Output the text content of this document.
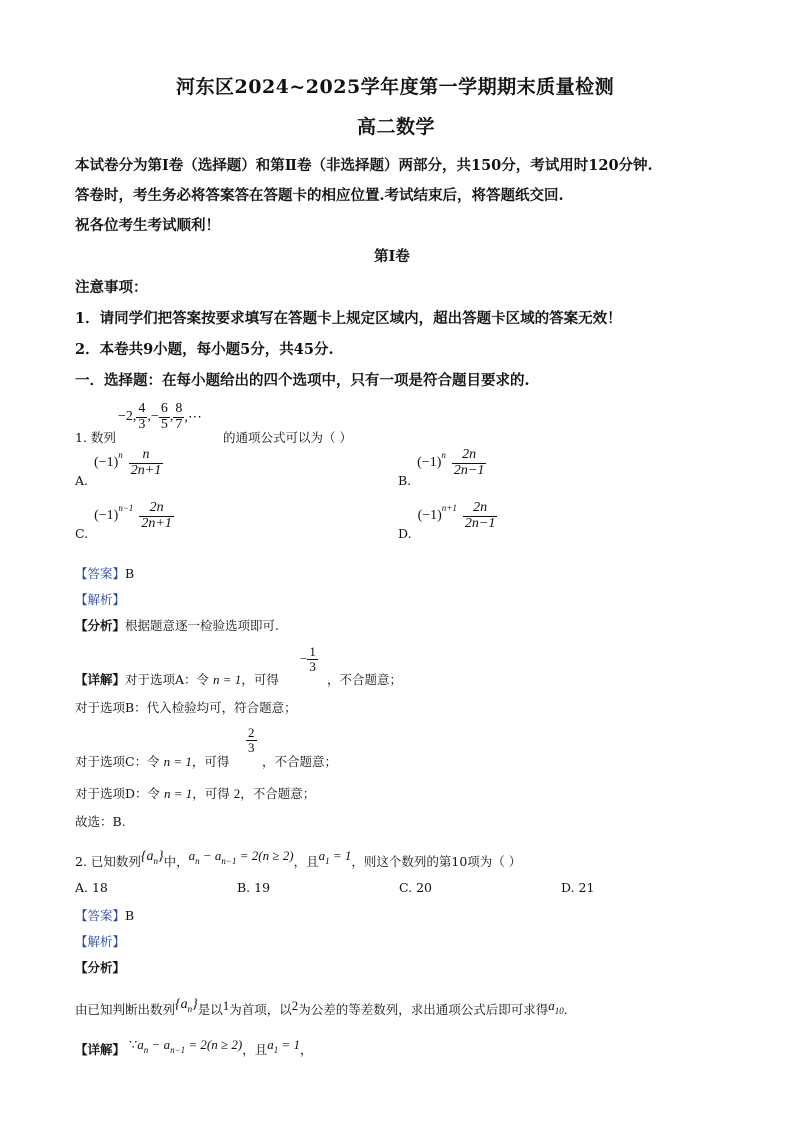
河东区2024~2025学年度第一学期期末质量检测
高二数学
本试卷分为第Ⅰ卷（选择题）和第Ⅱ卷（非选择题）两部分，共150分，考试用时120分钟.
答卷时，考生务必将答案答在答题卡的相应位置.考试结束后，将答题纸交回.
祝各位考生考试顺利！
第Ⅰ卷
注意事项：
1．请同学们把答案按要求填写在答题卡上规定区域内，超出答题卡区域的答案无效！
2．本卷共9小题，每小题5分，共45分.
一．选择题：在每小题给出的四个选项中，只有一项是符合题目要求的.
1. 数列
−2, $\frac{4}{3}$ ,− $\frac{6}{5}$ , $\frac{8}{7}$ ,⋯
的通项公式可以为（ ）
A.
(−1) n $\frac{n}{2n+1}$
B.
(−1) n $\frac{2n}{2n-1}$
C.
(−1) $n-1 \frac{2n}{2n+1}$
D.
(−1) $n+1 \frac{2n}{2n-1}$
【答案】B
【解析】
【分析】根据题意逐一检验选项即可.
【详解】对于选项A：令 n = 1，可得
− $\frac{1}{3}$
，不合题意；
对于选项B：代入检验均可，符合题意；
对于选项C：令 n = 1，可得
$\frac{2}{3}$
，不合题意；
对于选项D：令 n = 1，可得 2，不合题意；
故选：B.
2. 已知数列 $\{a_n\}$ 中， $a_n - a_{n-1} = 2(n \ge 2)$ ，且 $a_1 = 1$ ，则这个数列的第10项为（ ）
A. 18	B. 19	C. 20	D. 21
【答案】B
【解析】
【分析】
由已知判断出数列 $\{a_n\}$ 是以 1 为首项，以 2 为公差的等差数列，求出通项公式后即可求得 $a_{10}$ .
【详解】 $\because a_n - a_{n-1} = 2(n \ge 2)$ ，且 $a_1 = 1$ ，
